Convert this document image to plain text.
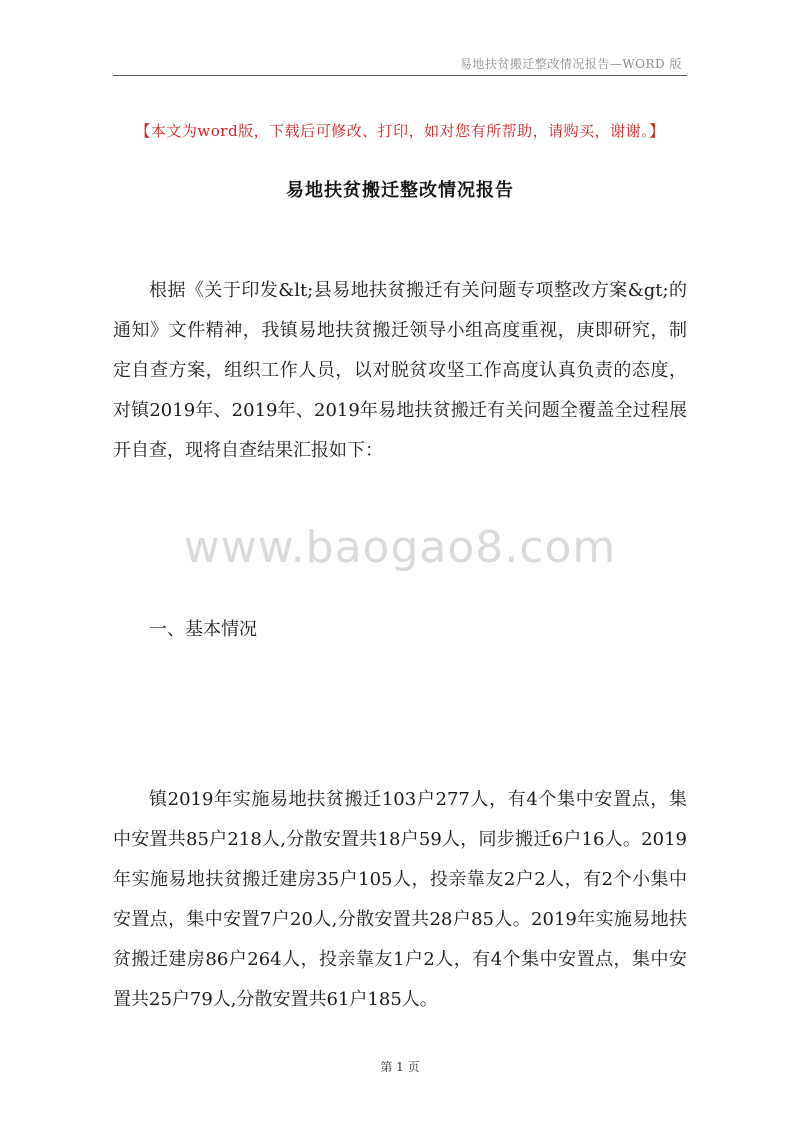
易地扶贫搬迁整改情况报告—WORD 版
【本文为word版，下载后可修改、打印，如对您有所帮助，请购买，谢谢。】
易地扶贫搬迁整改情况报告

根据《关于印发&lt;县易地扶贫搬迁有关问题专项整改方案&gt;的通知》文件精神，我镇易地扶贫搬迁领导小组高度重视，庚即研究，制定自查方案，组织工作人员，以对脱贫攻坚工作高度认真负责的态度，对镇2019年、2019年、2019年易地扶贫搬迁有关问题全覆盖全过程展开自查，现将自查结果汇报如下：

www.baogao8.com

一、基本情况

镇2019年实施易地扶贫搬迁103户277人，有4个集中安置点，集中安置共85户218人,分散安置共18户59人，同步搬迁6户16人。2019年实施易地扶贫搬迁建房35户105人，投亲靠友2户2人，有2个小集中安置点，集中安置7户20人,分散安置共28户85人。2019年实施易地扶贫搬迁建房86户264人，投亲靠友1户2人，有4个集中安置点，集中安置共25户79人,分散安置共61户185人。

第 1 页
